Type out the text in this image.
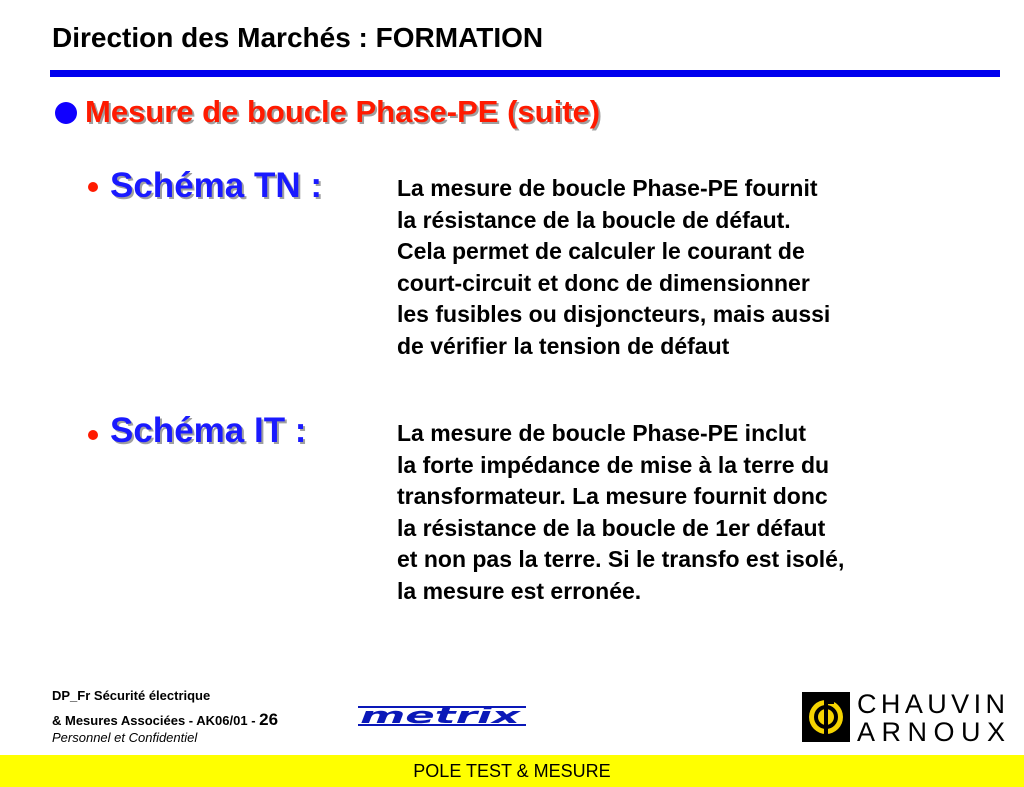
Direction des Marchés : FORMATION
Mesure de boucle Phase-PE (suite)
Schéma TN :	La mesure de boucle Phase-PE fournit
la résistance de la boucle de défaut.
Cela permet de calculer le courant de
court-circuit et donc de dimensionner
les fusibles ou disjoncteurs, mais aussi
de vérifier la tension de défaut
Schéma IT :	La mesure de boucle Phase-PE inclut
la forte impédance de mise à la terre du
transformateur. La mesure fournit donc
la résistance de la boucle de 1er défaut
et non pas la terre. Si le transfo est isolé,
la mesure est erronée.
DP_Fr Sécurité électrique
& Mesures Associées - AK06/01 - 26
Personnel et Confidentiel
metrix	CHAUVIN
ARNOUX
POLE TEST & MESURE
